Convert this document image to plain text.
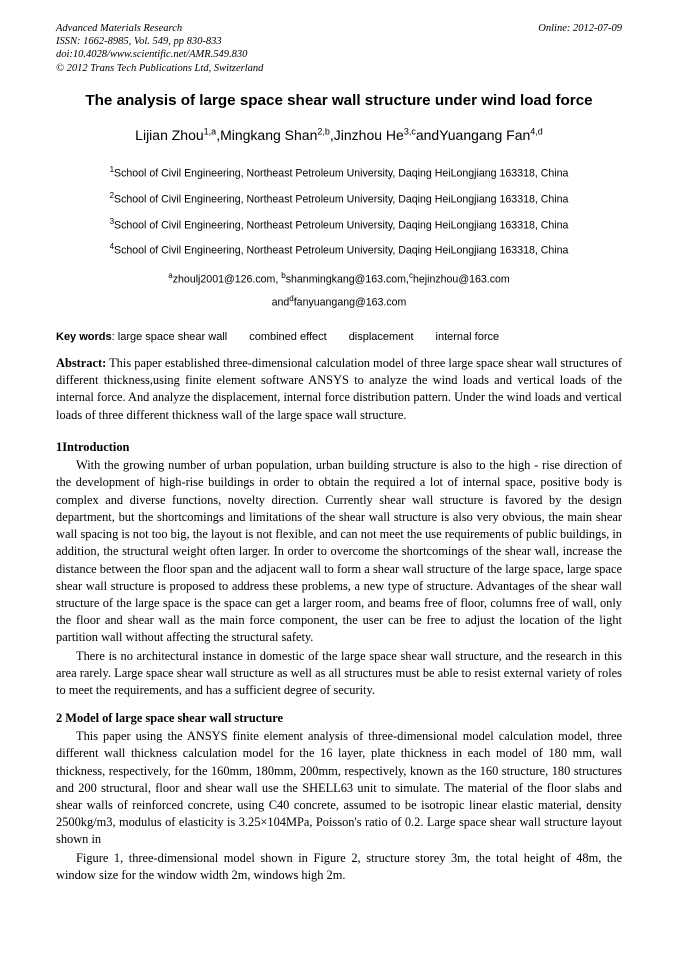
Advanced Materials Research
ISSN: 1662-8985, Vol. 549, pp 830-833
doi:10.4028/www.scientific.net/AMR.549.830
© 2012 Trans Tech Publications Ltd, Switzerland
Online: 2012-07-09
The analysis of large space shear wall structure under wind load force
Lijian Zhou$^{1,a}$,Mingkang Shan$^{2,b}$,Jinzhou He$^{3,c}$andYuangang Fan$^{4,d}$
$^1$School of Civil Engineering, Northeast Petroleum University, Daqing HeiLongjiang 163318, China
$^2$School of Civil Engineering, Northeast Petroleum University, Daqing HeiLongjiang 163318, China
$^3$School of Civil Engineering, Northeast Petroleum University, Daqing HeiLongjiang 163318, China
$^4$School of Civil Engineering, Northeast Petroleum University, Daqing HeiLongjiang 163318, China
$^a$zhoulj2001@126.com, $^b$shanmingkang@163.com,$^c$hejinzhou@163.com
and$^d$fanyuangang@163.com
Key words: large space shear wall combined effect displacement internal force
Abstract: This paper established three-dimensional calculation model of three large space shear wall structures of different thickness,using finite element software ANSYS to analyze the wind loads and vertical loads of the internal force. And analyze the displacement, internal force distribution pattern. Under the wind loads and vertical loads of three different thickness wall of the large space wall structure.
1Introduction

With the growing number of urban population, urban building structure is also to the high - rise direction of the development of high-rise buildings in order to obtain the required a lot of internal space, positive body is complex and diverse functions, novelty direction. Currently shear wall structure is favored by the design department, but the shortcomings and limitations of the shear wall structure is also very obvious, the main shear wall spacing is not too big, the layout is not flexible, and can not meet the use requirements of public buildings, in addition, the structural weight often larger. In order to overcome the shortcomings of the shear wall, increase the distance between the floor span and the adjacent wall to form a shear wall structure of the large space, large space shear wall structure is proposed to address these problems, a new type of structure. Advantages of the shear wall structure of the large space is the space can get a larger room, and beams free of floor, columns free of wall, only the floor and shear wall as the main force component, the user can be free to adjust the location of the light partition wall without affecting the structural safety.

There is no architectural instance in domestic of the large space shear wall structure, and the research in this area rarely. Large space shear wall structure as well as all structures must be able to resist external variety of roles to meet the requirements, and has a sufficient degree of security.

2 Model of large space shear wall structure

This paper using the ANSYS finite element analysis of three-dimensional model calculation model, three different wall thickness calculation model for the 16 layer, plate thickness in each model of 180 mm, wall thickness, respectively, for the 160mm, 180mm, 200mm, respectively, known as the 160 structure, 180 structures and 200 structural, floor and shear wall use the SHELL63 unit to simulate. The material of the floor slabs and shear walls of reinforced concrete, using C40 concrete, assumed to be isotropic linear elastic material, density 2500kg/m3, modulus of elasticity is 3.25×104MPa, Poisson's ratio of 0.2. Large space shear wall structure layout shown in

Figure 1, three-dimensional model shown in Figure 2, structure storey 3m, the total height of 48m, the window size for the window width 2m, windows high 2m.
